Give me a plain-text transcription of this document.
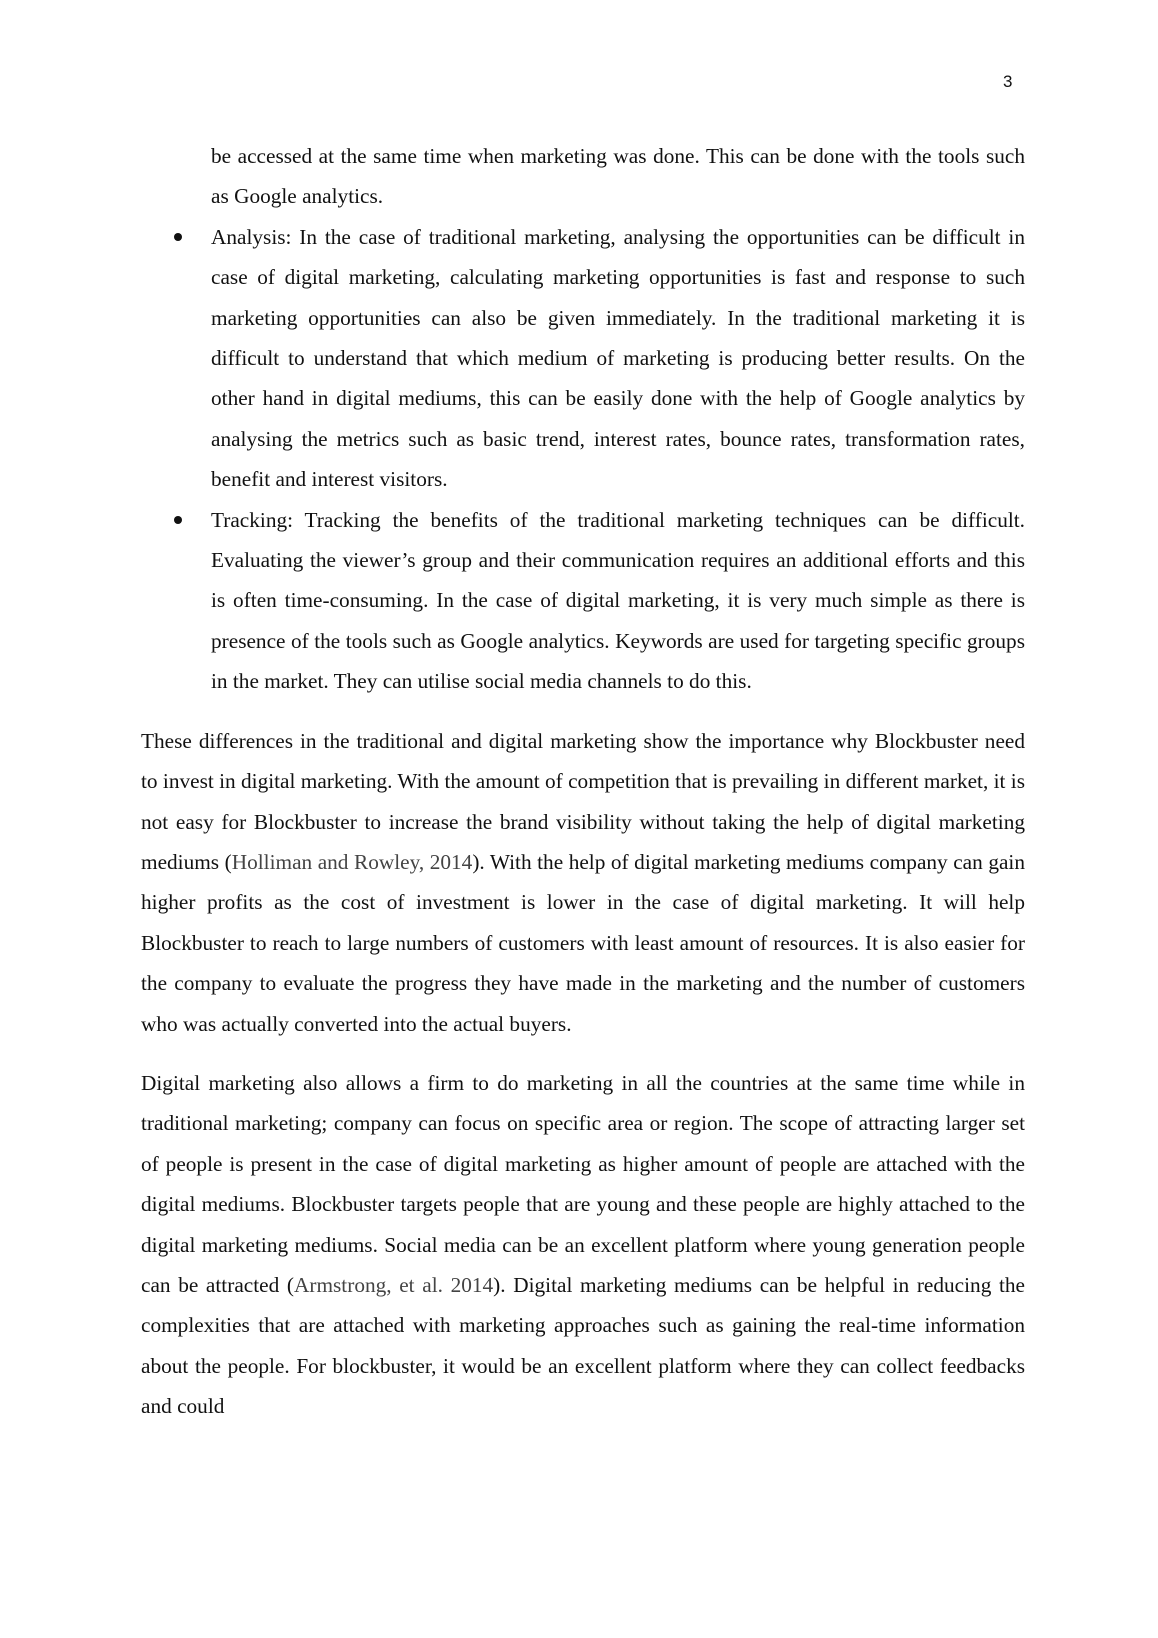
3

be accessed at the same time when marketing was done. This can be done with the tools such as Google analytics.

Analysis: In the case of traditional marketing, analysing the opportunities can be difficult in case of digital marketing, calculating marketing opportunities is fast and response to such marketing opportunities can also be given immediately. In the traditional marketing it is difficult to understand that which medium of marketing is producing better results. On the other hand in digital mediums, this can be easily done with the help of Google analytics by analysing the metrics such as basic trend, interest rates, bounce rates, transformation rates, benefit and interest visitors.
Tracking: Tracking the benefits of the traditional marketing techniques can be difficult. Evaluating the viewer’s group and their communication requires an additional efforts and this is often time-consuming. In the case of digital marketing, it is very much simple as there is presence of the tools such as Google analytics. Keywords are used for targeting specific groups in the market. They can utilise social media channels to do this.

These differences in the traditional and digital marketing show the importance why Blockbuster need to invest in digital marketing. With the amount of competition that is prevailing in different market, it is not easy for Blockbuster to increase the brand visibility without taking the help of digital marketing mediums (Holliman and Rowley, 2014). With the help of digital marketing mediums company can gain higher profits as the cost of investment is lower in the case of digital marketing. It will help Blockbuster to reach to large numbers of customers with least amount of resources. It is also easier for the company to evaluate the progress they have made in the marketing and the number of customers who was actually converted into the actual buyers.

Digital marketing also allows a firm to do marketing in all the countries at the same time while in traditional marketing; company can focus on specific area or region. The scope of attracting larger set of people is present in the case of digital marketing as higher amount of people are attached with the digital mediums. Blockbuster targets people that are young and these people are highly attached to the digital marketing mediums. Social media can be an excellent platform where young generation people can be attracted (Armstrong, et al. 2014). Digital marketing mediums can be helpful in reducing the complexities that are attached with marketing approaches such as gaining the real-time information about the people. For blockbuster, it would be an excellent platform where they can collect feedbacks and could
